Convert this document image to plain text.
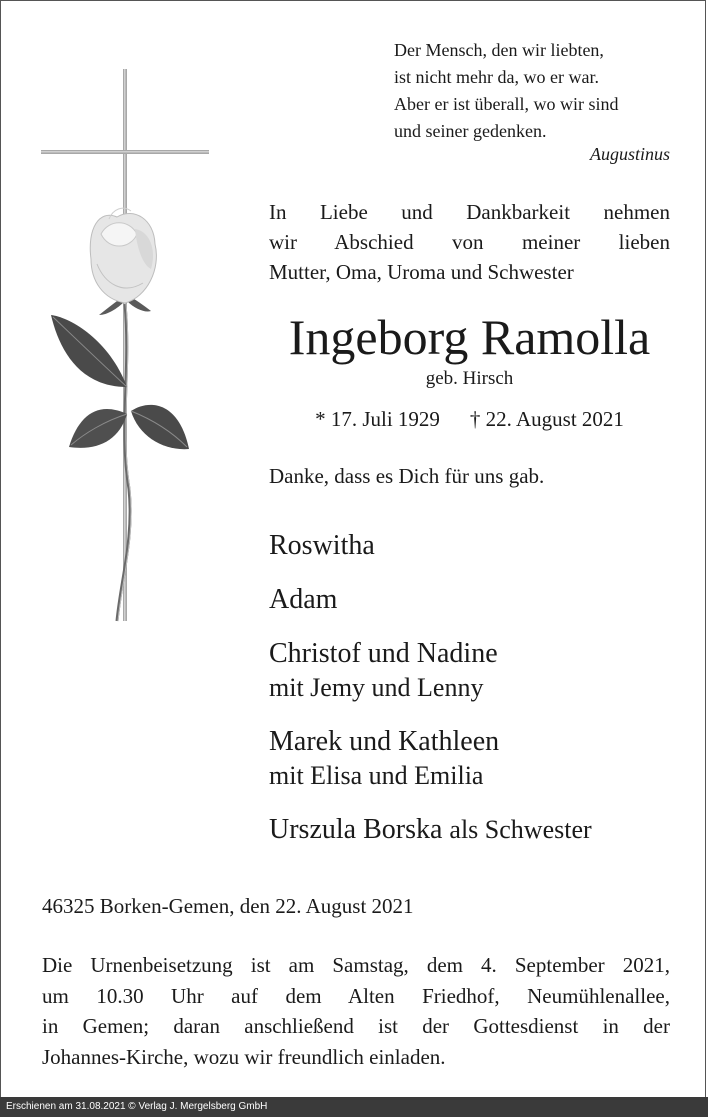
Der Mensch, den wir liebten,
ist nicht mehr da, wo er war.
Aber er ist überall, wo wir sind
und seiner gedenken.
Augustinus
In Liebe und Dankbarkeit nehmen
wir Abschied von meiner lieben
Mutter, Oma, Uroma und Schwester
Ingeborg Ramolla
geb. Hirsch
* 17. Juli 1929 † 22. August 2021
Danke, dass es Dich für uns gab.
Roswitha
Adam
Christof und Nadine
mit Jemy und Lenny
Marek und Kathleen
mit Elisa und Emilia
Urszula Borska als Schwester
46325 Borken-Gemen, den 22. August 2021
Die Urnenbeisetzung ist am Samstag, dem 4. September 2021,
um 10.30 Uhr auf dem Alten Friedhof, Neumühlenallee,
in Gemen; daran anschließend ist der Gottesdienst in der
Johannes-Kirche, wozu wir freundlich einladen.
Erschienen am 31.08.2021 © Verlag J. Mergelsberg GmbH
